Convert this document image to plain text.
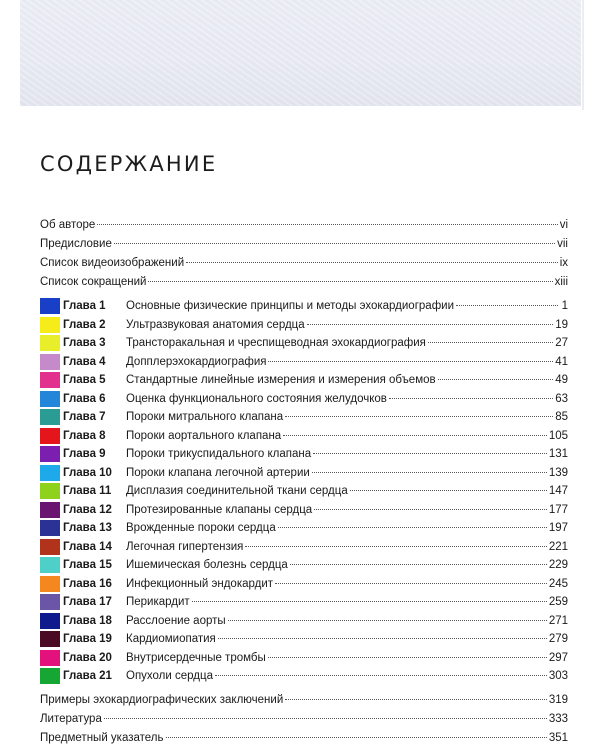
СОДЕРЖАНИЕ
Об авторе	vi
Предисловие	vii
Список видеоизображений	ix
Список сокращений	xiii
Глава 1 Основные физические принципы и методы эхокардиографии	1
Глава 2 Ультразвуковая анатомия сердца	19
Глава 3 Трансторакальная и чреспищеводная эхокардиография	27
Глава 4 Допплерэхокардиография	41
Глава 5 Стандартные линейные измерения и измерения объемов	49
Глава 6 Оценка функционального состояния желудочков	63
Глава 7 Пороки митрального клапана	85
Глава 8 Пороки аортального клапана	105
Глава 9 Пороки трикуспидального клапана	131
Глава 10 Пороки клапана легочной артерии	139
Глава 11 Дисплазия соединительной ткани сердца	147
Глава 12 Протезированные клапаны сердца	177
Глава 13 Врожденные пороки сердца	197
Глава 14 Легочная гипертензия	221
Глава 15 Ишемическая болезнь сердца	229
Глава 16 Инфекционный эндокардит	245
Глава 17 Перикардит	259
Глава 18 Расслоение аорты	271
Глава 19 Кардиомиопатия	279
Глава 20 Внутрисердечные тромбы	297
Глава 21 Опухоли сердца	303
Примеры эхокардиографических заключений	319
Литература	333
Предметный указатель	351
